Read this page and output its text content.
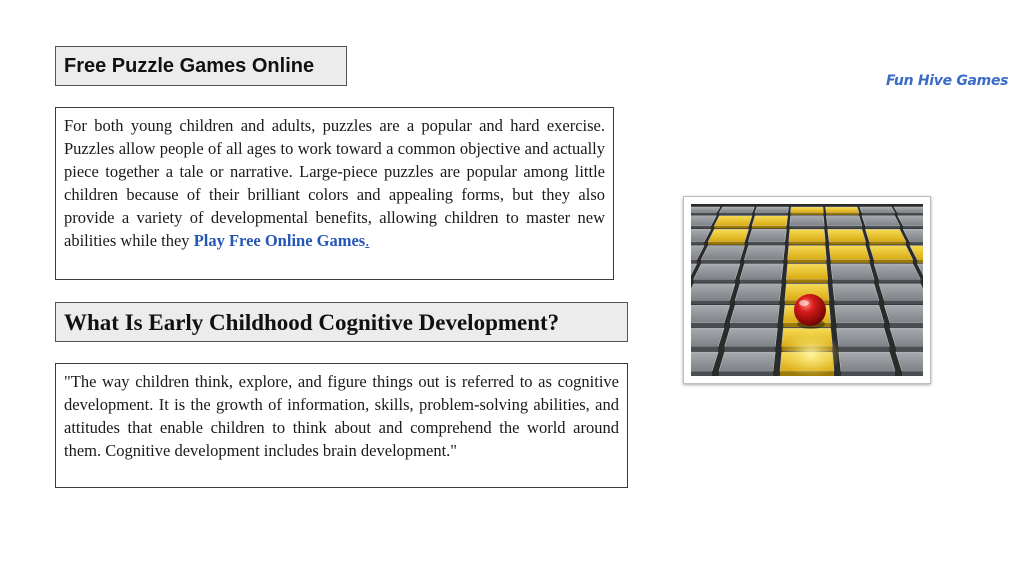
Free Puzzle Games Online
Fun Hive Games
For both young children and adults, puzzles are a popular and hard exercise. Puzzles allow people of all ages to work toward a common objective and actually piece together a tale or narrative. Large-piece puzzles are popular among little children because of their brilliant colors and appealing forms, but they also provide a variety of developmental benefits, allowing children to master new abilities while they Play Free Online Games.
What Is Early Childhood Cognitive Development?
"The way children think, explore, and figure things out is referred to as cognitive development. It is the growth of information, skills, problem-solving abilities, and attitudes that enable children to think about and comprehend the world around them. Cognitive development includes brain development."
